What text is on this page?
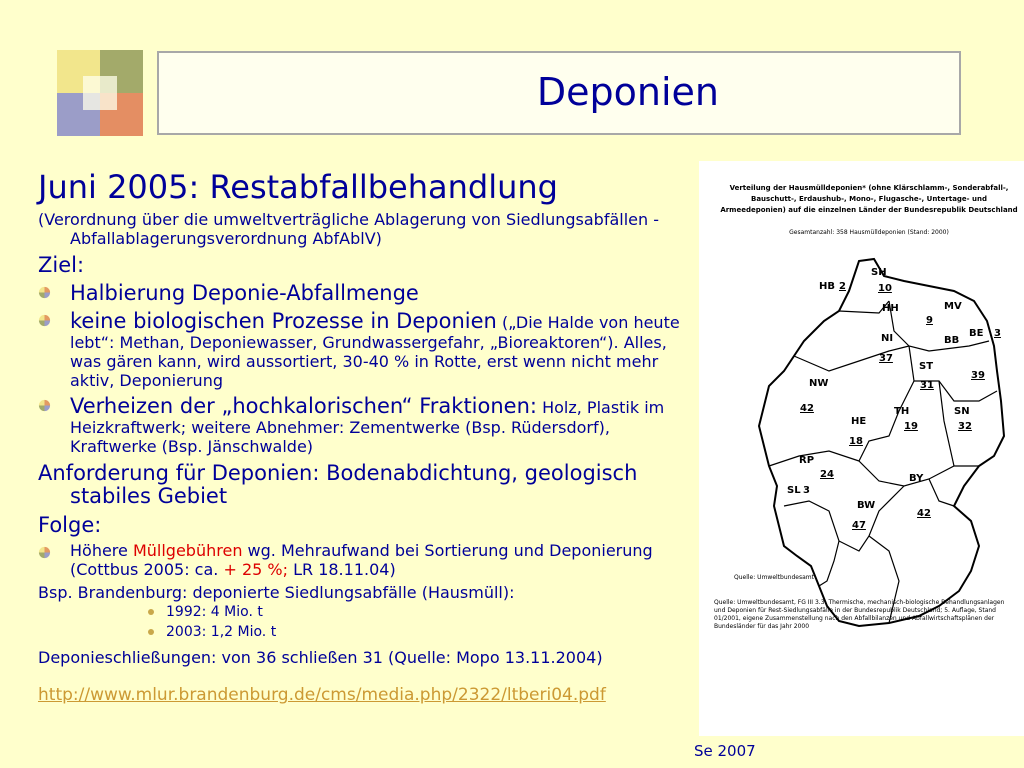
Deponien
Juni 2005: Restabfallbehandlung
(Verordnung über die umweltverträgliche Ablagerung von Siedlungsabfällen - Abfallablagerungsverordnung AbfAblV)
Ziel:
Halbierung Deponie-Abfallmenge
keine biologischen Prozesse in Deponien („Die Halde von heute lebt“: Methan, Deponiewasser, Grundwassergefahr, „Bioreaktoren“). Alles, was gären kann, wird aussortiert, 30-40 % in Rotte, erst wenn nicht mehr aktiv, Deponierung
Verheizen der „hochkalorischen“ Fraktionen: Holz, Plastik im Heizkraftwerk; weitere Abnehmer: Zementwerke (Bsp. Rüdersdorf), Kraftwerke (Bsp. Jänschwalde)
Anforderung für Deponien: Bodenabdichtung, geologisch stabiles Gebiet
Folge:
Höhere Müllgebühren wg. Mehraufwand bei Sortierung und Deponierung (Cottbus 2005: ca. + 25 %; LR 18.11.04)
Bsp. Brandenburg: deponierte Siedlungsabfälle (Hausmüll):
1992: 4 Mio. t
2003: 1,2 Mio. t
Deponieschließungen: von 36 schließen 31 (Quelle: Mopo 13.11.2004)
http://www.mlur.brandenburg.de/cms/media.php/2322/ltberi04.pdf
Se 2007
Verteilung der Hausmülldeponien* (ohne Klärschlamm-, Sonderabfall-, Bauschutt-, Erdaushub-, Mono-, Flugasche-, Untertage- und Armeedeponien) auf die einzelnen Länder der Bundesrepublik Deutschland
Gesamtanzahl: 358 Hausmülldeponien (Stand: 2000)
SH
10
HB 2
HH	MV
9
BE 3
NI
37
BB
39
ST
31
NW
42	SN
32
HE
18
TH
19
RP
24
SL 3
BY
42
BW
47
Quelle: Umweltbundesamt
Quelle: Umweltbundesamt, FG III 3.3: Thermische, mechanisch-biologische Behandlungsanlagen und Deponien für Rest-Siedlungsabfälle in der Bundesrepublik Deutschland; 5. Auflage, Stand 01/2001, eigene Zusammenstellung nach den Abfallbilanzen und Abfallwirtschaftsplänen der Bundesländer für das Jahr 2000
